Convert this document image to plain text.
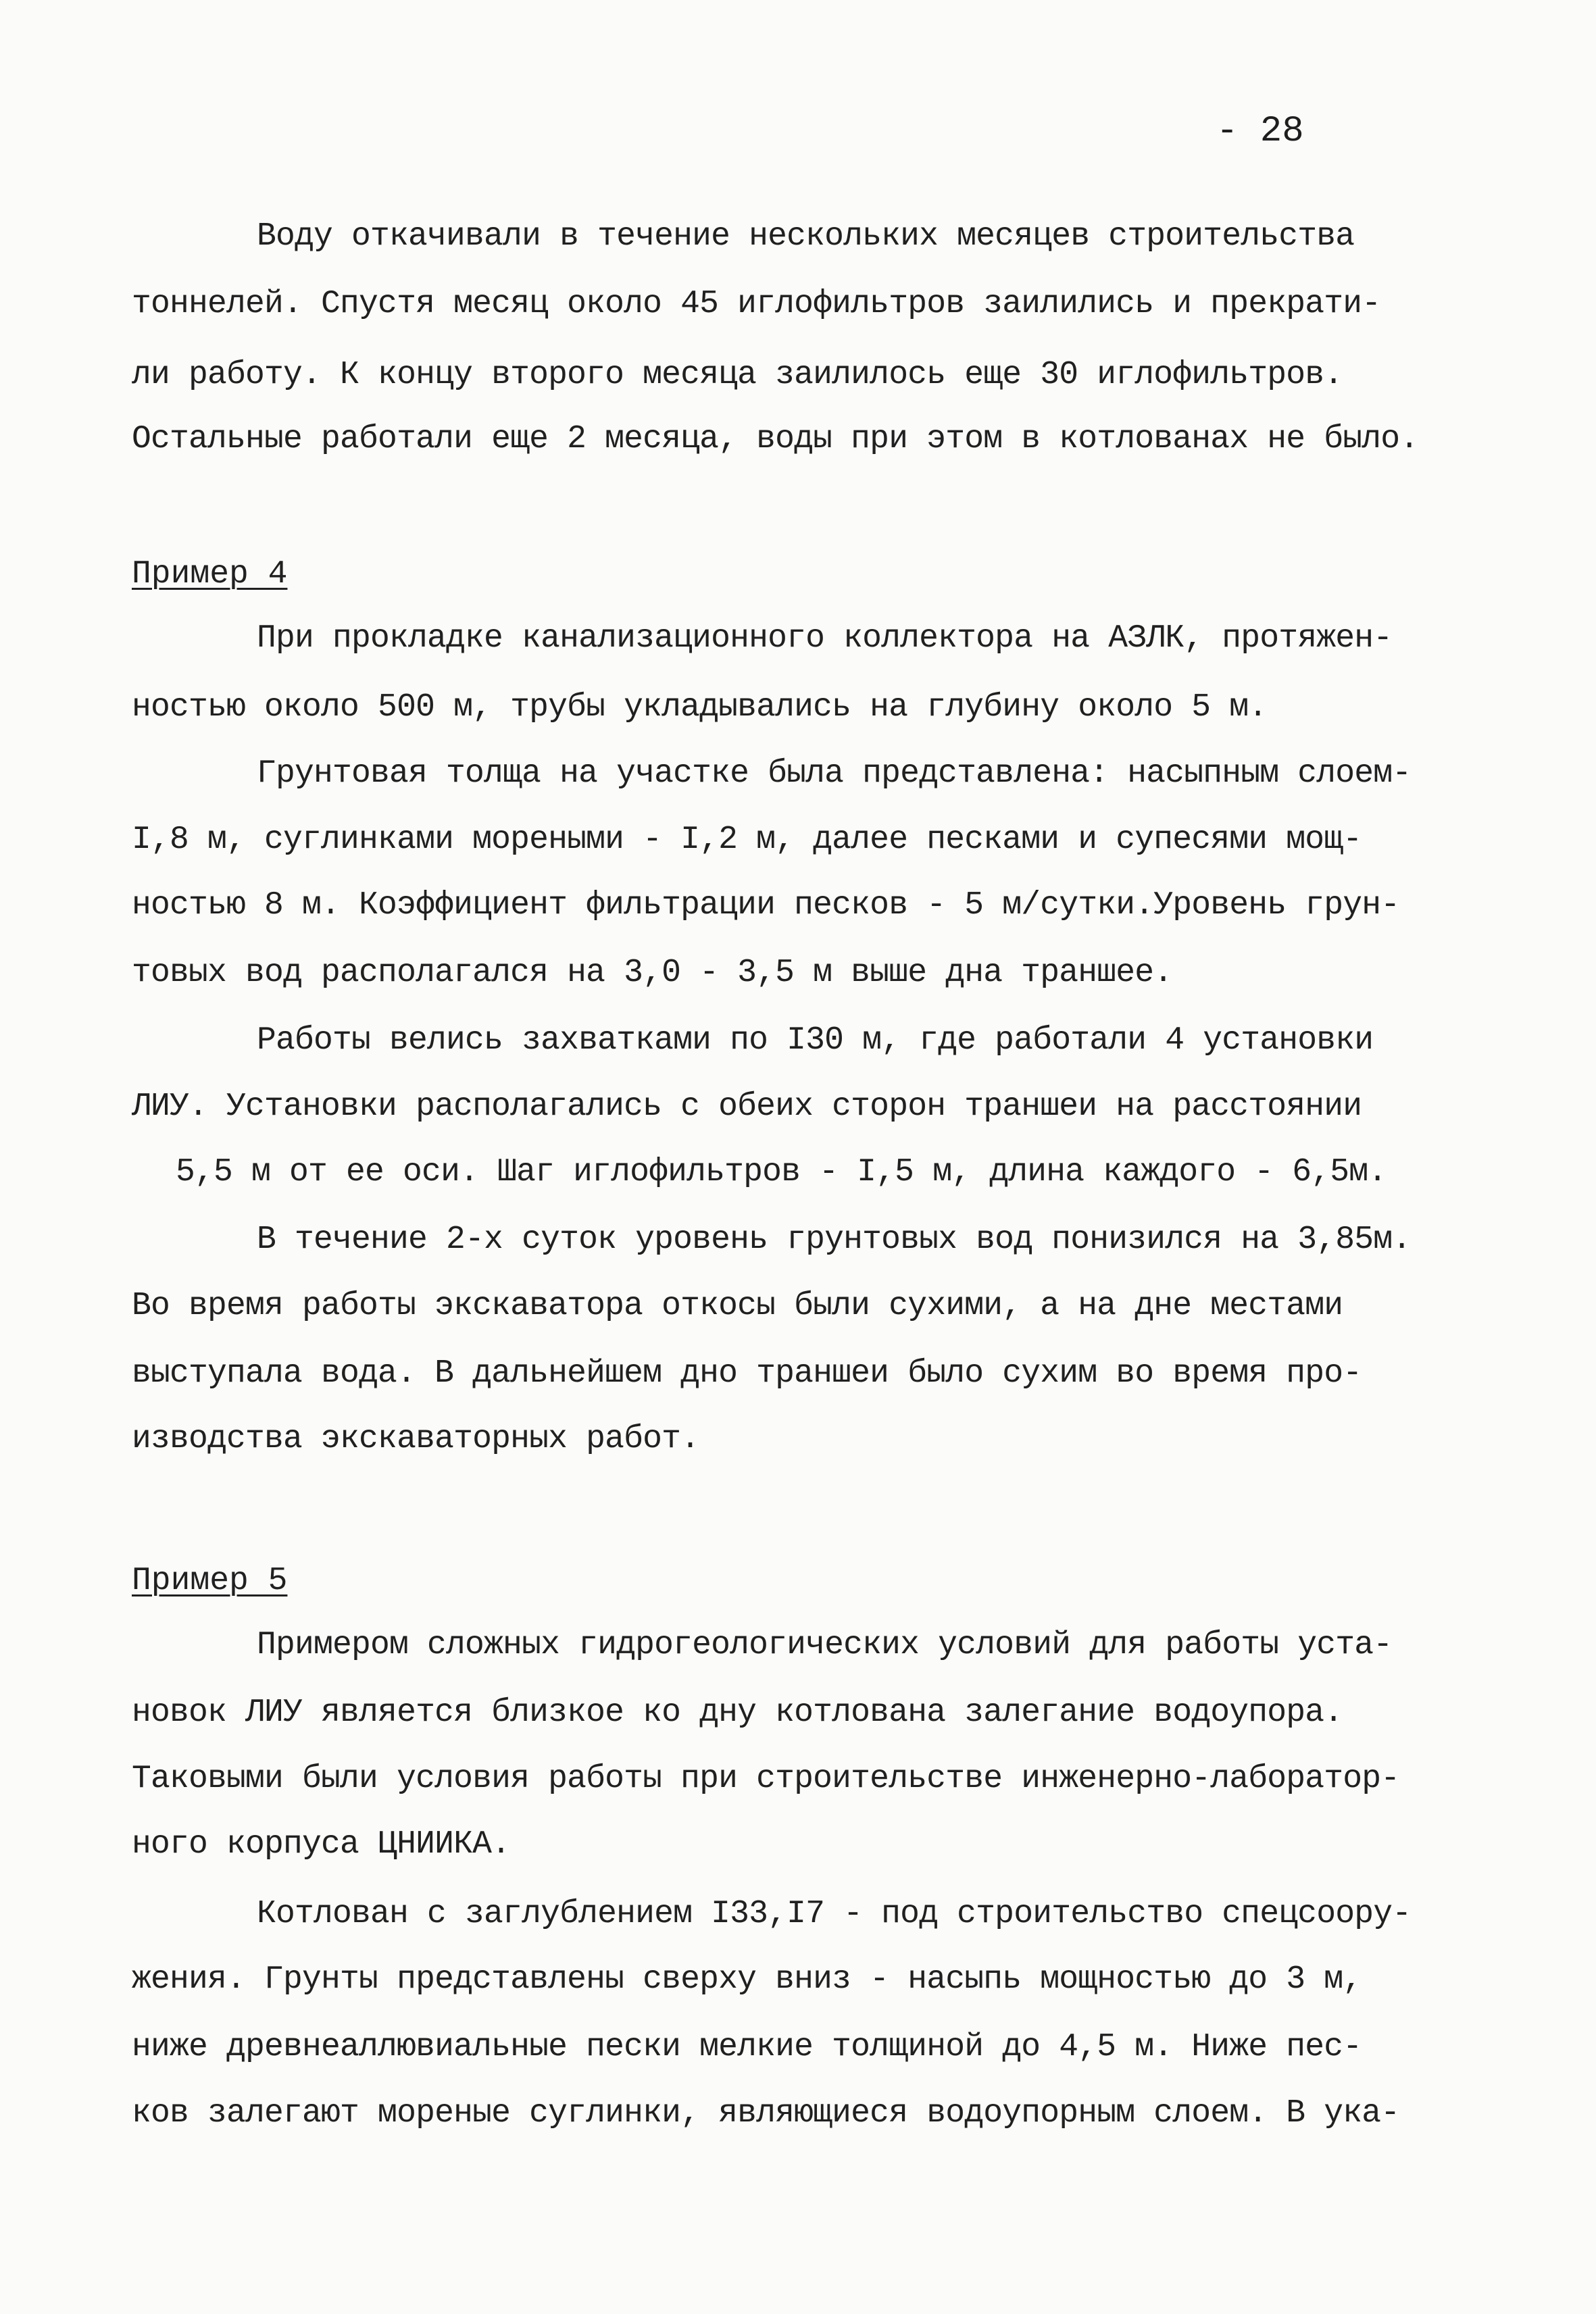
- 28
Воду откачивали в течение нескольких месяцев строительства
тоннелей. Спустя месяц около 45 иглофильтров заилились и прекрати-
ли работу. К концу второго месяца заилилось еще 30 иглофильтров.
Остальные работали еще 2 месяца, воды при этом в котлованах не было.
Пример 4
При прокладке канализационного коллектора на АЗЛК, протяжен-
ностью около 500 м, трубы укладывались на глубину около 5 м.
Грунтовая толща на участке была представлена: насыпным слоем-
I,8 м, суглинками мореными - I,2 м, далее песками и супесями мощ-
ностью 8 м. Коэффициент фильтрации песков - 5 м/сутки.Уровень грун-
товых вод располагался на 3,0 - 3,5 м выше дна траншее.
Работы велись захватками по I30 м, где работали 4 установки
ЛИУ. Установки располагались с обеих сторон траншеи на расстоянии
5,5 м от ее оси. Шаг иглофильтров - I,5 м, длина каждого - 6,5м.
В течение 2-х суток уровень грунтовых вод понизился на 3,85м.
Во время работы экскаватора откосы были сухими, а на дне местами
выступала вода. В дальнейшем дно траншеи было сухим во время про-
изводства экскаваторных работ.
Пример 5
Примером сложных гидрогеологических условий для работы уста-
новок ЛИУ является близкое ко дну котлована залегание водоупора.
Таковыми были условия работы при строительстве инженерно-лаборатор-
ного корпуса ЦНИИКА.
Котлован с заглублением I33,I7 - под строительство спецсоору-
жения. Грунты представлены сверху вниз - насыпь мощностью до 3 м,
ниже древнеаллювиальные пески мелкие толщиной до 4,5 м. Ниже пес-
ков залегают мореные суглинки, являющиеся водоупорным слоем. В ука-
